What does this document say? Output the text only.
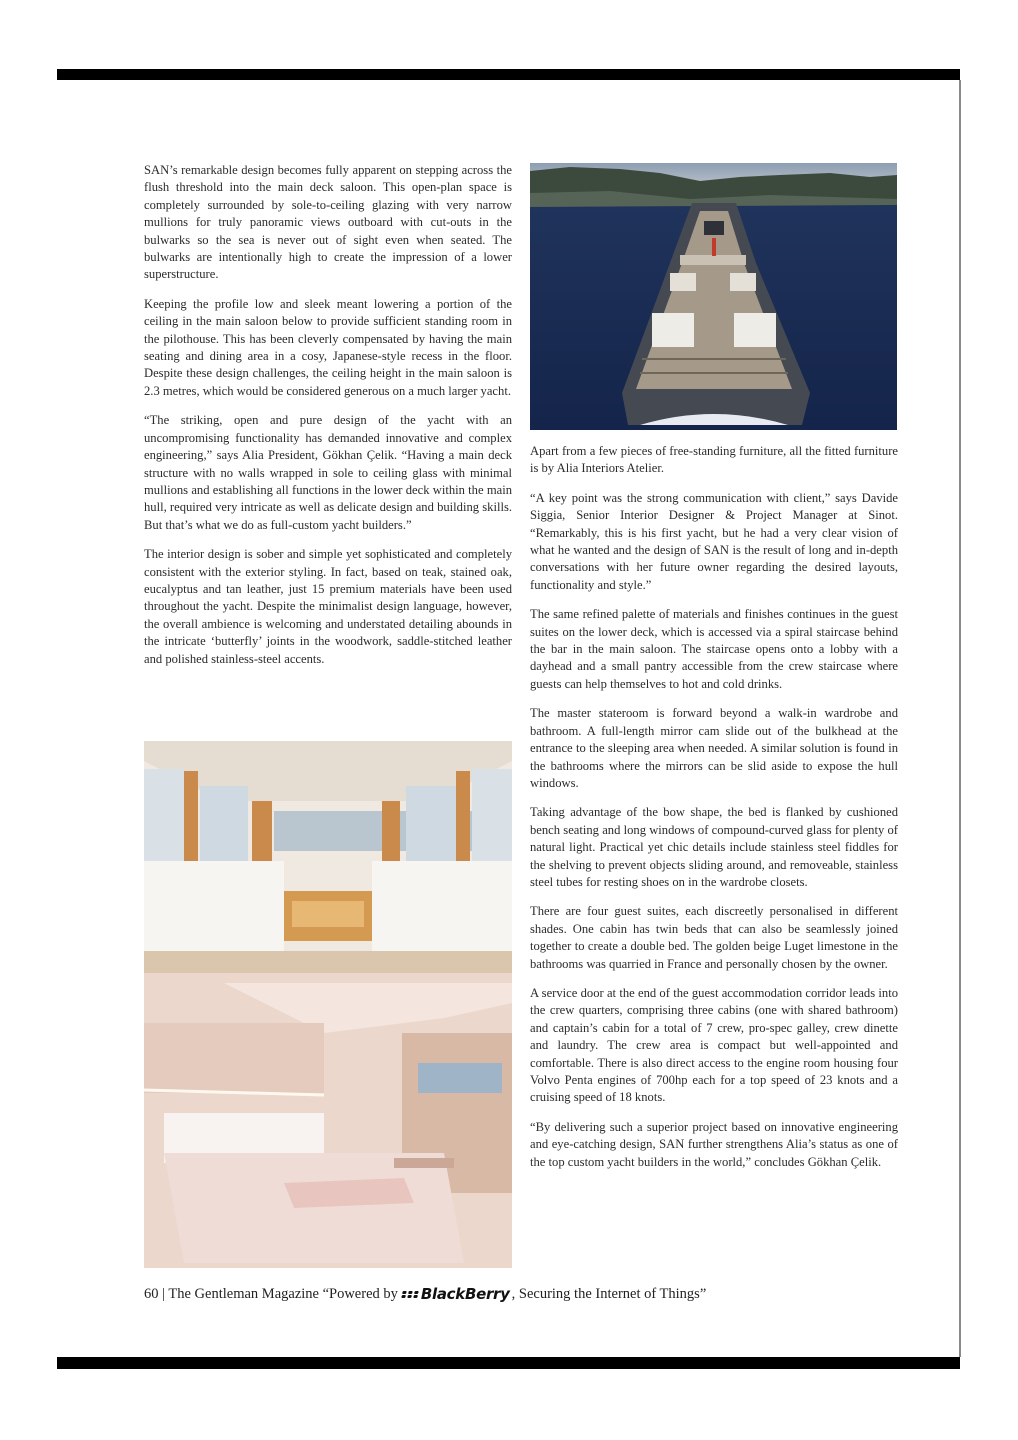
SAN’s remarkable design becomes fully apparent on stepping across the flush threshold into the main deck saloon. This open-plan space is completely surrounded by sole-to-ceiling glazing with very narrow mullions for truly panoramic views outboard with cut-outs in the bulwarks so the sea is never out of sight even when seated. The bulwarks are intentionally high to create the impression of a lower superstructure.

Keeping the profile low and sleek meant lowering a portion of the ceiling in the main saloon below to provide sufficient standing room in the pilothouse. This has been cleverly compensated by having the main seating and dining area in a cosy, Japanese-style recess in the floor. Despite these design challenges, the ceiling height in the main saloon is 2.3 metres, which would be considered generous on a much larger yacht.

“The striking, open and pure design of the yacht with an uncompromising functionality has demanded innovative and complex engineering,” says Alia President, Gökhan Çelik. “Having a main deck structure with no walls wrapped in sole to ceiling glass with minimal mullions and establishing all functions in the lower deck within the main hull, required very intricate as well as delicate design and building skills. But that’s what we do as full-custom yacht builders.”

The interior design is sober and simple yet sophisticated and completely consistent with the exterior styling. In fact, based on teak, stained oak, eucalyptus and tan leather, just 15 premium materials have been used throughout the yacht. Despite the minimalist design language, however, the overall ambience is welcoming and understated detailing abounds in the intricate ‘butterfly’ joints in the woodwork, saddle-stitched leather and polished stainless-steel accents.

Apart from a few pieces of free-standing furniture, all the fitted furniture is by Alia Interiors Atelier.

“A key point was the strong communication with client,” says Davide Siggia, Senior Interior Designer & Project Manager at Sinot. “Remarkably, this is his first yacht, but he had a very clear vision of what he wanted and the design of SAN is the result of long and in-depth conversations with her future owner regarding the desired layouts, functionality and style.”

The same refined palette of materials and finishes continues in the guest suites on the lower deck, which is accessed via a spiral staircase behind the bar in the main saloon. The staircase opens onto a lobby with a dayhead and a small pantry accessible from the crew staircase where guests can help themselves to hot and cold drinks.

The master stateroom is forward beyond a walk-in wardrobe and bathroom. A full-length mirror cam slide out of the bulkhead at the entrance to the sleeping area when needed. A similar solution is found in the bathrooms where the mirrors can be slid aside to expose the hull windows.

Taking advantage of the bow shape, the bed is flanked by cushioned bench seating and long windows of compound-curved glass for plenty of natural light. Practical yet chic details include stainless steel fiddles for the shelving to prevent objects sliding around, and removeable, stainless steel tubes for resting shoes on in the wardrobe closets.

There are four guest suites, each discreetly personalised in different shades. One cabin has twin beds that can also be seamlessly joined together to create a double bed. The golden beige Luget limestone in the bathrooms was quarried in France and personally chosen by the owner.

A service door at the end of the guest accommodation corridor leads into the crew quarters, comprising three cabins (one with shared bathroom) and captain’s cabin for a total of 7 crew, pro-spec galley, crew dinette and laundry. The crew area is compact but well-appointed and comfortable. There is also direct access to the engine room housing four Volvo Penta engines of 700hp each for a top speed of 23 knots and a cruising speed of 18 knots.

“By delivering such a superior project based on innovative engineering and eye-catching design, SAN further strengthens Alia’s status as one of the top custom yacht builders in the world,” concludes Gökhan Çelik.

60 | The Gentleman Magazine “Powered by BlackBerry , Securing the Internet of Things”
